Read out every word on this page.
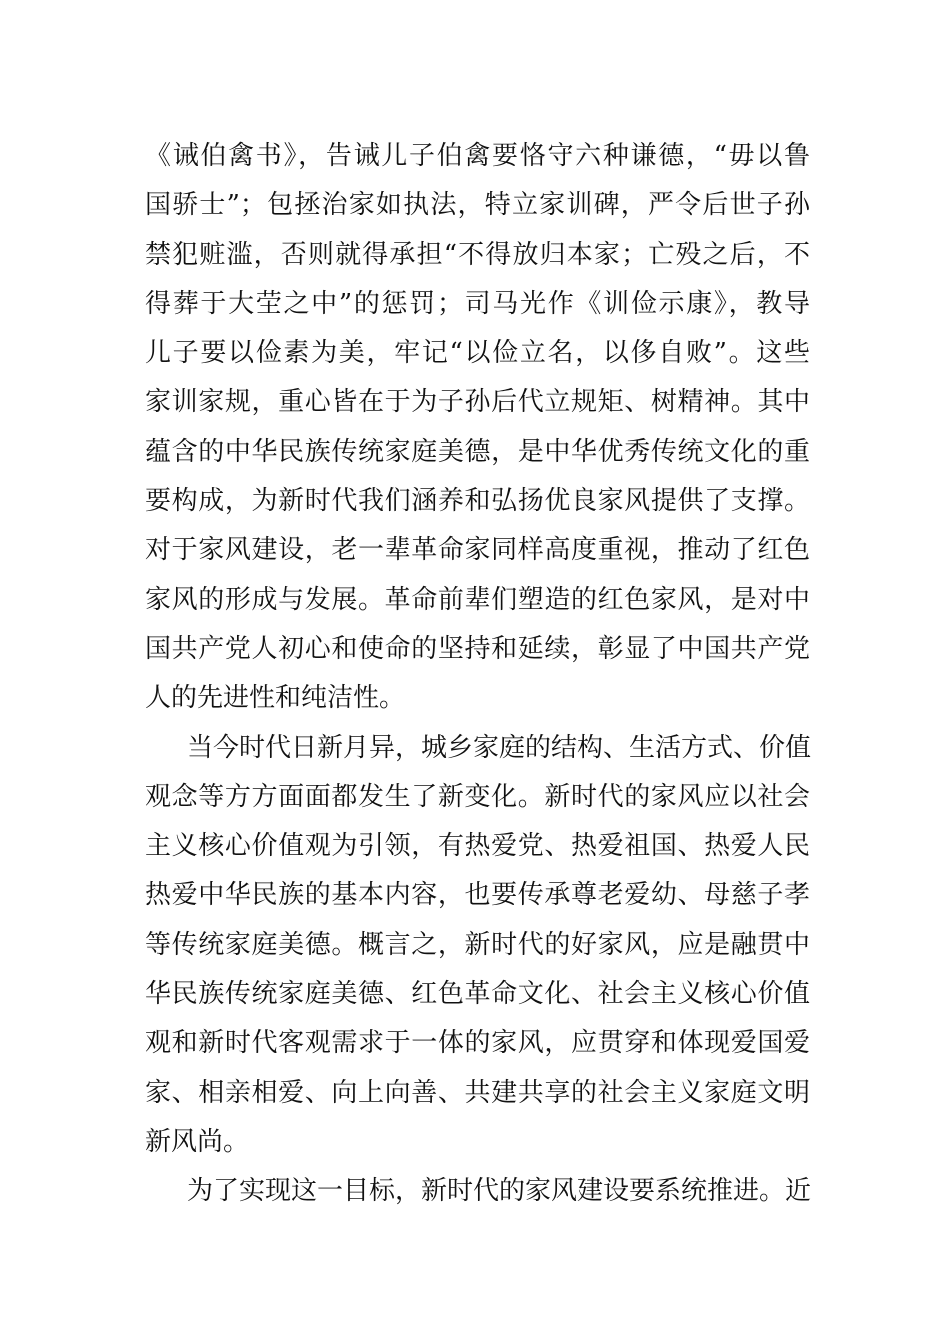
《诫伯禽书》，告诫儿子伯禽要恪守六种谦德，“毋以鲁
国骄士”；包拯治家如执法，特立家训碑，严令后世子孙
禁犯赃滥，否则就得承担“不得放归本家；亡殁之后，不
得葬于大茔之中”的惩罚；司马光作《训俭示康》，教导
儿子要以俭素为美，牢记“以俭立名，以侈自败”。这些
家训家规，重心皆在于为子孙后代立规矩、树精神。其中
蕴含的中华民族传统家庭美德，是中华优秀传统文化的重
要构成，为新时代我们涵养和弘扬优良家风提供了支撑。
对于家风建设，老一辈革命家同样高度重视，推动了红色
家风的形成与发展。革命前辈们塑造的红色家风，是对中
国共产党人初心和使命的坚持和延续，彰显了中国共产党
人的先进性和纯洁性。
当今时代日新月异，城乡家庭的结构、生活方式、价值
观念等方方面面都发生了新变化。新时代的家风应以社会
主义核心价值观为引领，有热爱党、热爱祖国、热爱人民
热爱中华民族的基本内容，也要传承尊老爱幼、母慈子孝
等传统家庭美德。概言之，新时代的好家风，应是融贯中
华民族传统家庭美德、红色革命文化、社会主义核心价值
观和新时代客观需求于一体的家风，应贯穿和体现爱国爱
家、相亲相爱、向上向善、共建共享的社会主义家庭文明
新风尚。
为了实现这一目标，新时代的家风建设要系统推进。近
